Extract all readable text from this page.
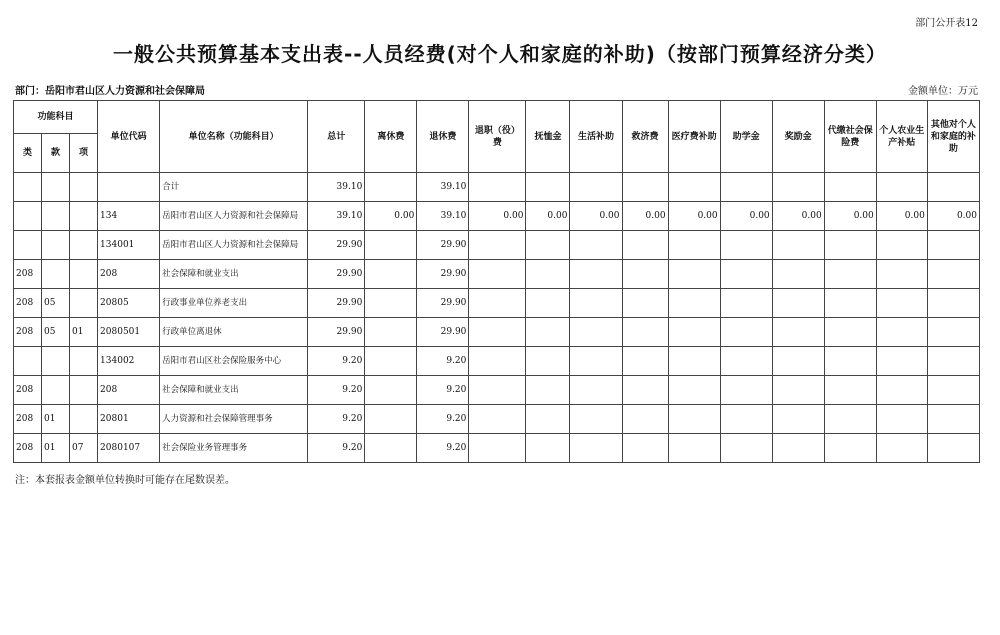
部门公开表12
一般公共预算基本支出表--人员经费(对个人和家庭的补助)（按部门预算经济分类）
部门：岳阳市君山区人力资源和社会保障局	金额单位：万元
功能科目			单位代码	单位名称（功能科目）	总计	离休费	退休费	退职（役）费	抚恤金	生活补助	救济费	医疗费补助	助学金	奖励金	代缴社会保险费	个人农业生产补贴	其他对个人和家庭的补助
类	款	项															
				合计	39.10		39.10										
			134	岳阳市君山区人力资源和社会保障局	39.10	0.00	39.10	0.00	0.00	0.00	0.00	0.00	0.00	0.00	0.00	0.00	0.00
			134001	岳阳市君山区人力资源和社会保障局	29.90		29.90										
208			208	社会保障和就业支出	29.90		29.90										
208	05		20805	行政事业单位养老支出	29.90		29.90										
208	05	01	2080501	行政单位离退休	29.90		29.90										
			134002	岳阳市君山区社会保险服务中心	9.20		9.20										
208			208	社会保障和就业支出	9.20		9.20										
208	01		20801	人力资源和社会保障管理事务	9.20		9.20										
208	01	07	2080107	社会保险业务管理事务	9.20		9.20										
注：本套报表金额单位转换时可能存在尾数误差。
